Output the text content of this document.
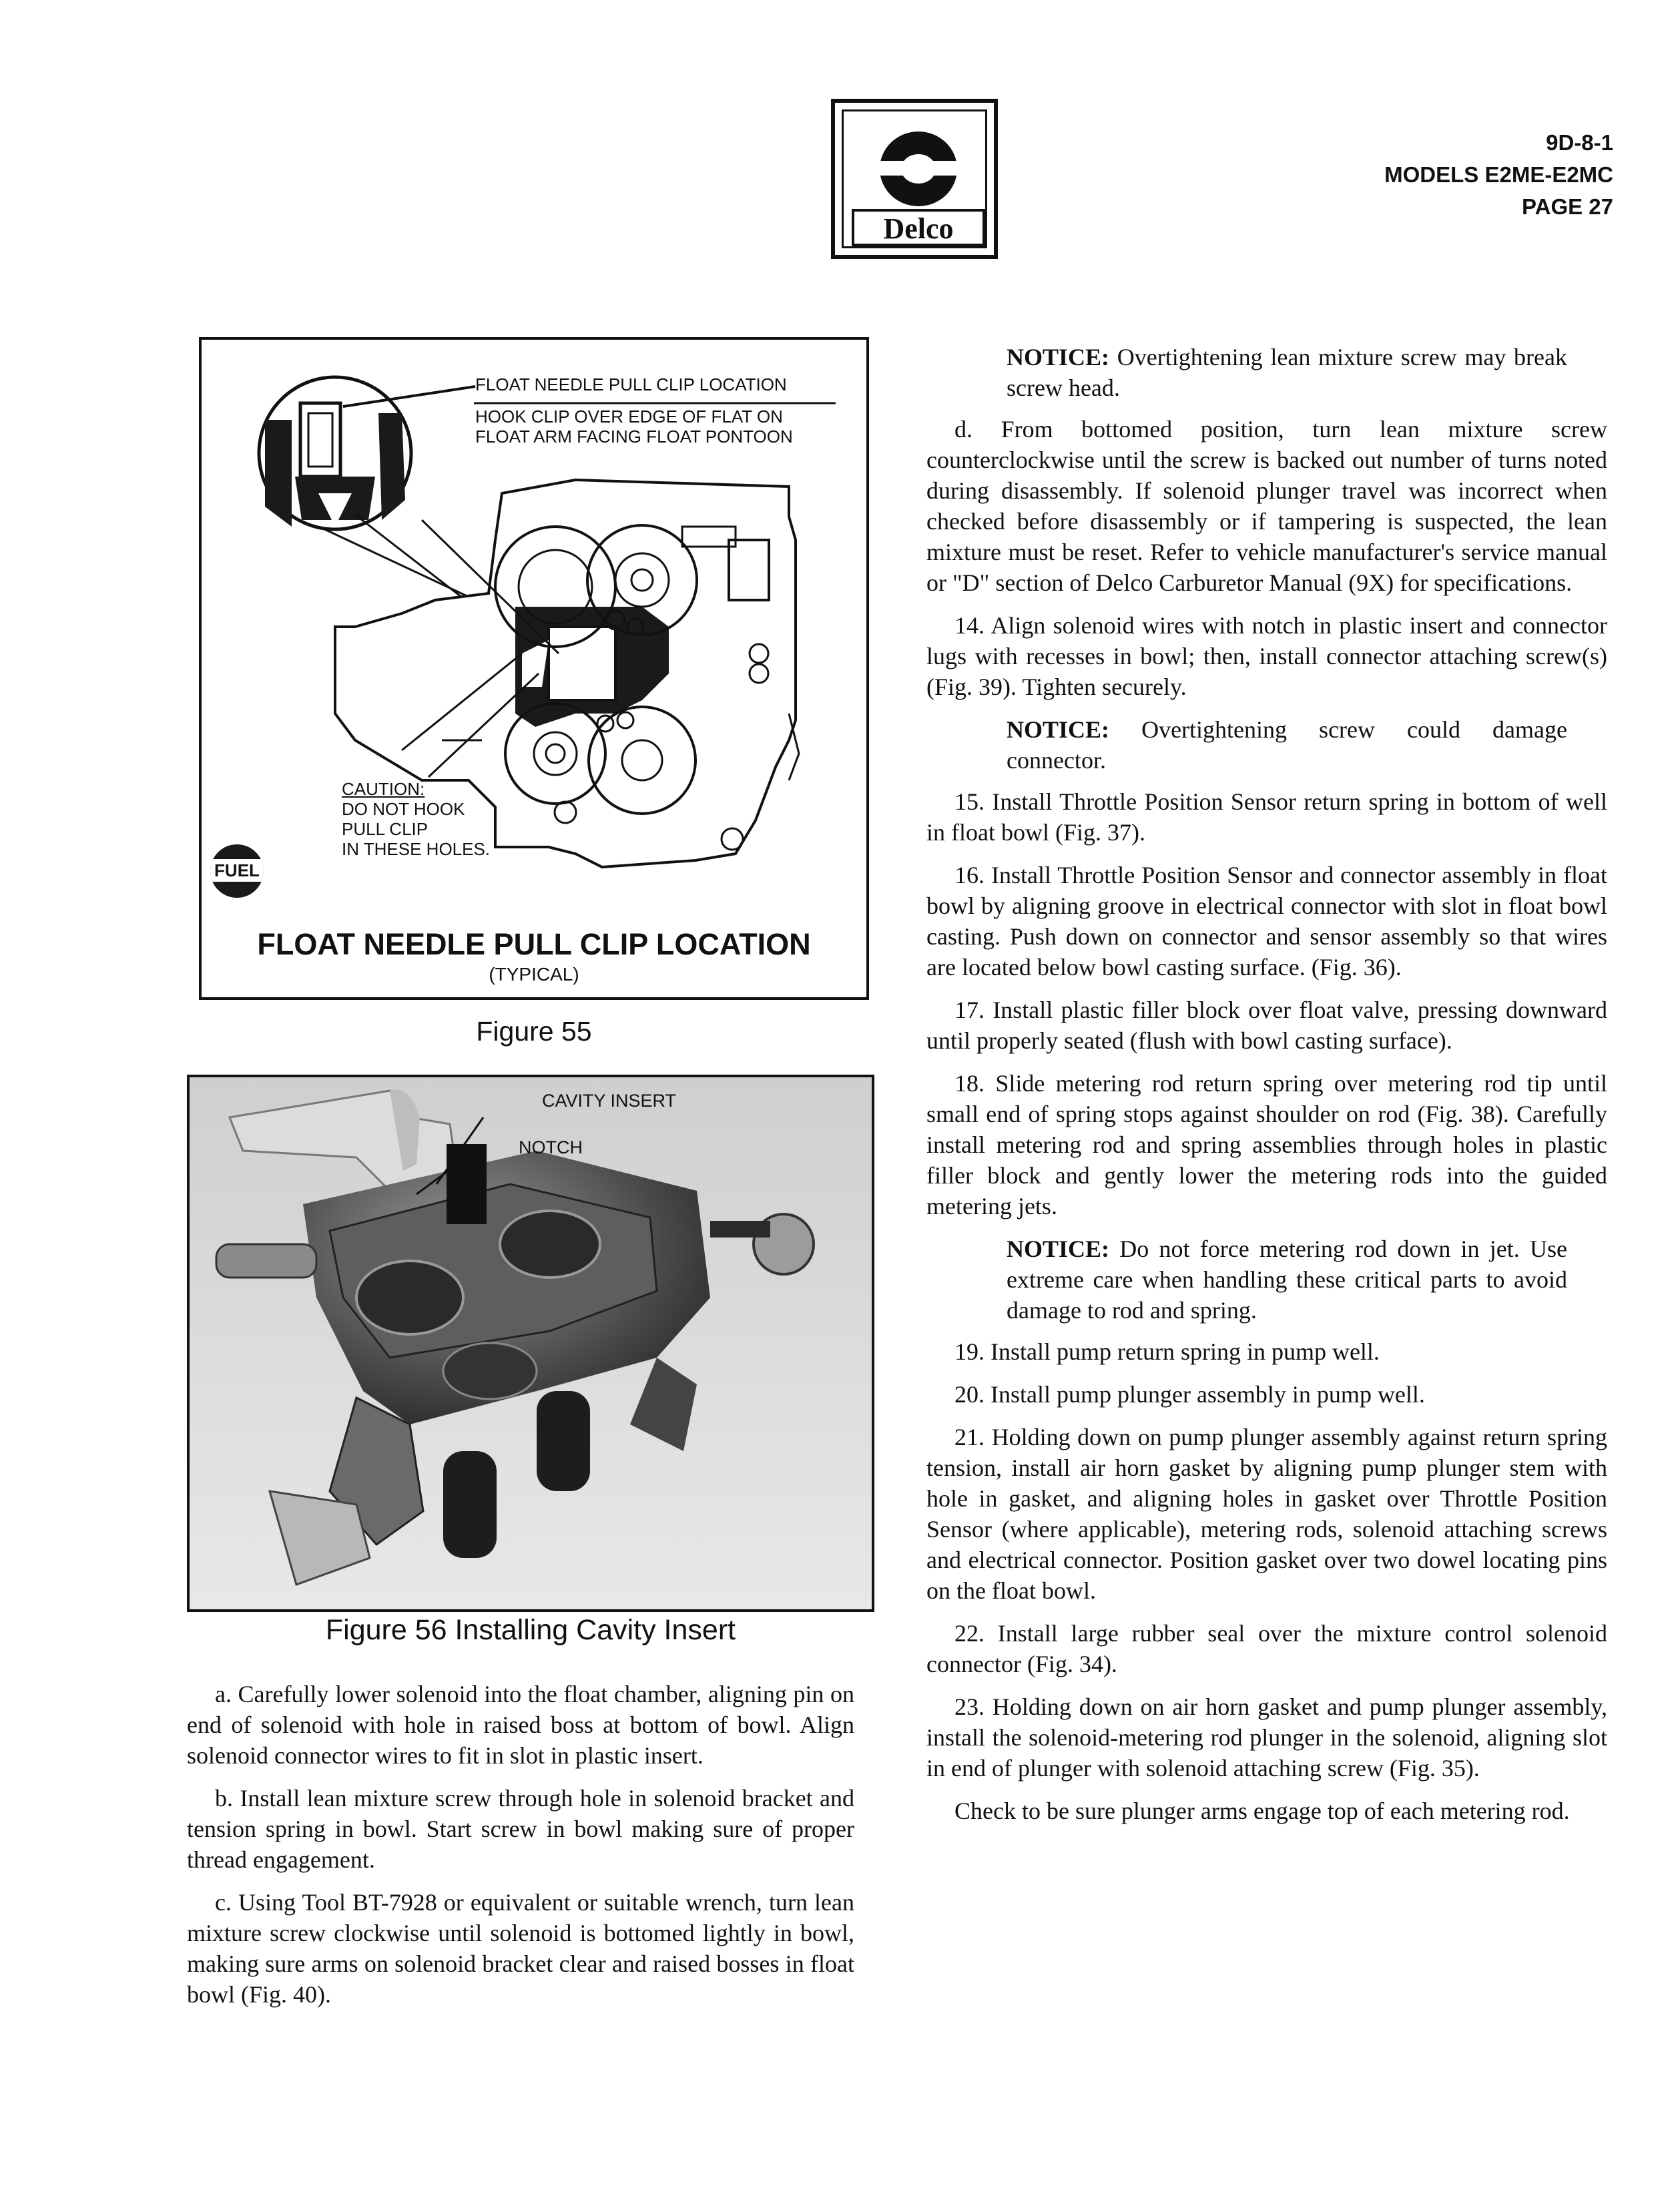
Delco
9D-8-1
MODELS E2ME-E2MC
PAGE 27
FLOAT NEEDLE PULL CLIP LOCATION
HOOK CLIP OVER EDGE OF FLAT ON
FLOAT ARM FACING FLOAT PONTOON
CAUTION:
DO NOT HOOK
PULL CLIP
IN THESE HOLES.
FLOAT NEEDLE PULL CLIP LOCATION
(TYPICAL)
FUEL
Figure 55
CAVITY INSERT
NOTCH
Figure 56 Installing Cavity Insert

a. Carefully lower solenoid into the float chamber, aligning pin on end of solenoid with hole in raised boss at bottom of bowl. Align solenoid connector wires to fit in slot in plastic insert.

b. Install lean mixture screw through hole in solenoid bracket and tension spring in bowl. Start screw in bowl making sure of proper thread engagement.

c. Using Tool BT-7928 or equivalent or suitable wrench, turn lean mixture screw clockwise until solenoid is bottomed lightly in bowl, making sure arms on solenoid bracket clear and raised bosses in float bowl (Fig. 40).

NOTICE: Overtightening lean mixture screw may break screw head.

d. From bottomed position, turn lean mixture screw counterclockwise until the screw is backed out number of turns noted during disassembly. If solenoid plunger travel was incorrect when checked before disassembly or if tampering is suspected, the lean mixture must be reset. Refer to vehicle manufacturer's service manual or "D" section of Delco Carburetor Manual (9X) for specifications.

14. Align solenoid wires with notch in plastic insert and connector lugs with recesses in bowl; then, install connector attaching screw(s) (Fig. 39). Tighten securely.

NOTICE: Overtightening screw could damage connector.

15. Install Throttle Position Sensor return spring in bottom of well in float bowl (Fig. 37).

16. Install Throttle Position Sensor and connector assembly in float bowl by aligning groove in electrical connector with slot in float bowl casting. Push down on connector and sensor assembly so that wires are located below bowl casting surface. (Fig. 36).

17. Install plastic filler block over float valve, pressing downward until properly seated (flush with bowl casting surface).

18. Slide metering rod return spring over metering rod tip until small end of spring stops against shoulder on rod (Fig. 38). Carefully install metering rod and spring assemblies through holes in plastic filler block and gently lower the metering rods into the guided metering jets.

NOTICE: Do not force metering rod down in jet. Use extreme care when handling these critical parts to avoid damage to rod and spring.

19. Install pump return spring in pump well.

20. Install pump plunger assembly in pump well.

21. Holding down on pump plunger assembly against return spring tension, install air horn gasket by aligning pump plunger stem with hole in gasket, and aligning holes in gasket over Throttle Position Sensor (where applicable), metering rods, solenoid attaching screws and electrical connector. Position gasket over two dowel locating pins on the float bowl.

22. Install large rubber seal over the mixture control solenoid connector (Fig. 34).

23. Holding down on air horn gasket and pump plunger assembly, install the solenoid-metering rod plunger in the solenoid, aligning slot in end of plunger with solenoid attaching screw (Fig. 35).

Check to be sure plunger arms engage top of each metering rod.
